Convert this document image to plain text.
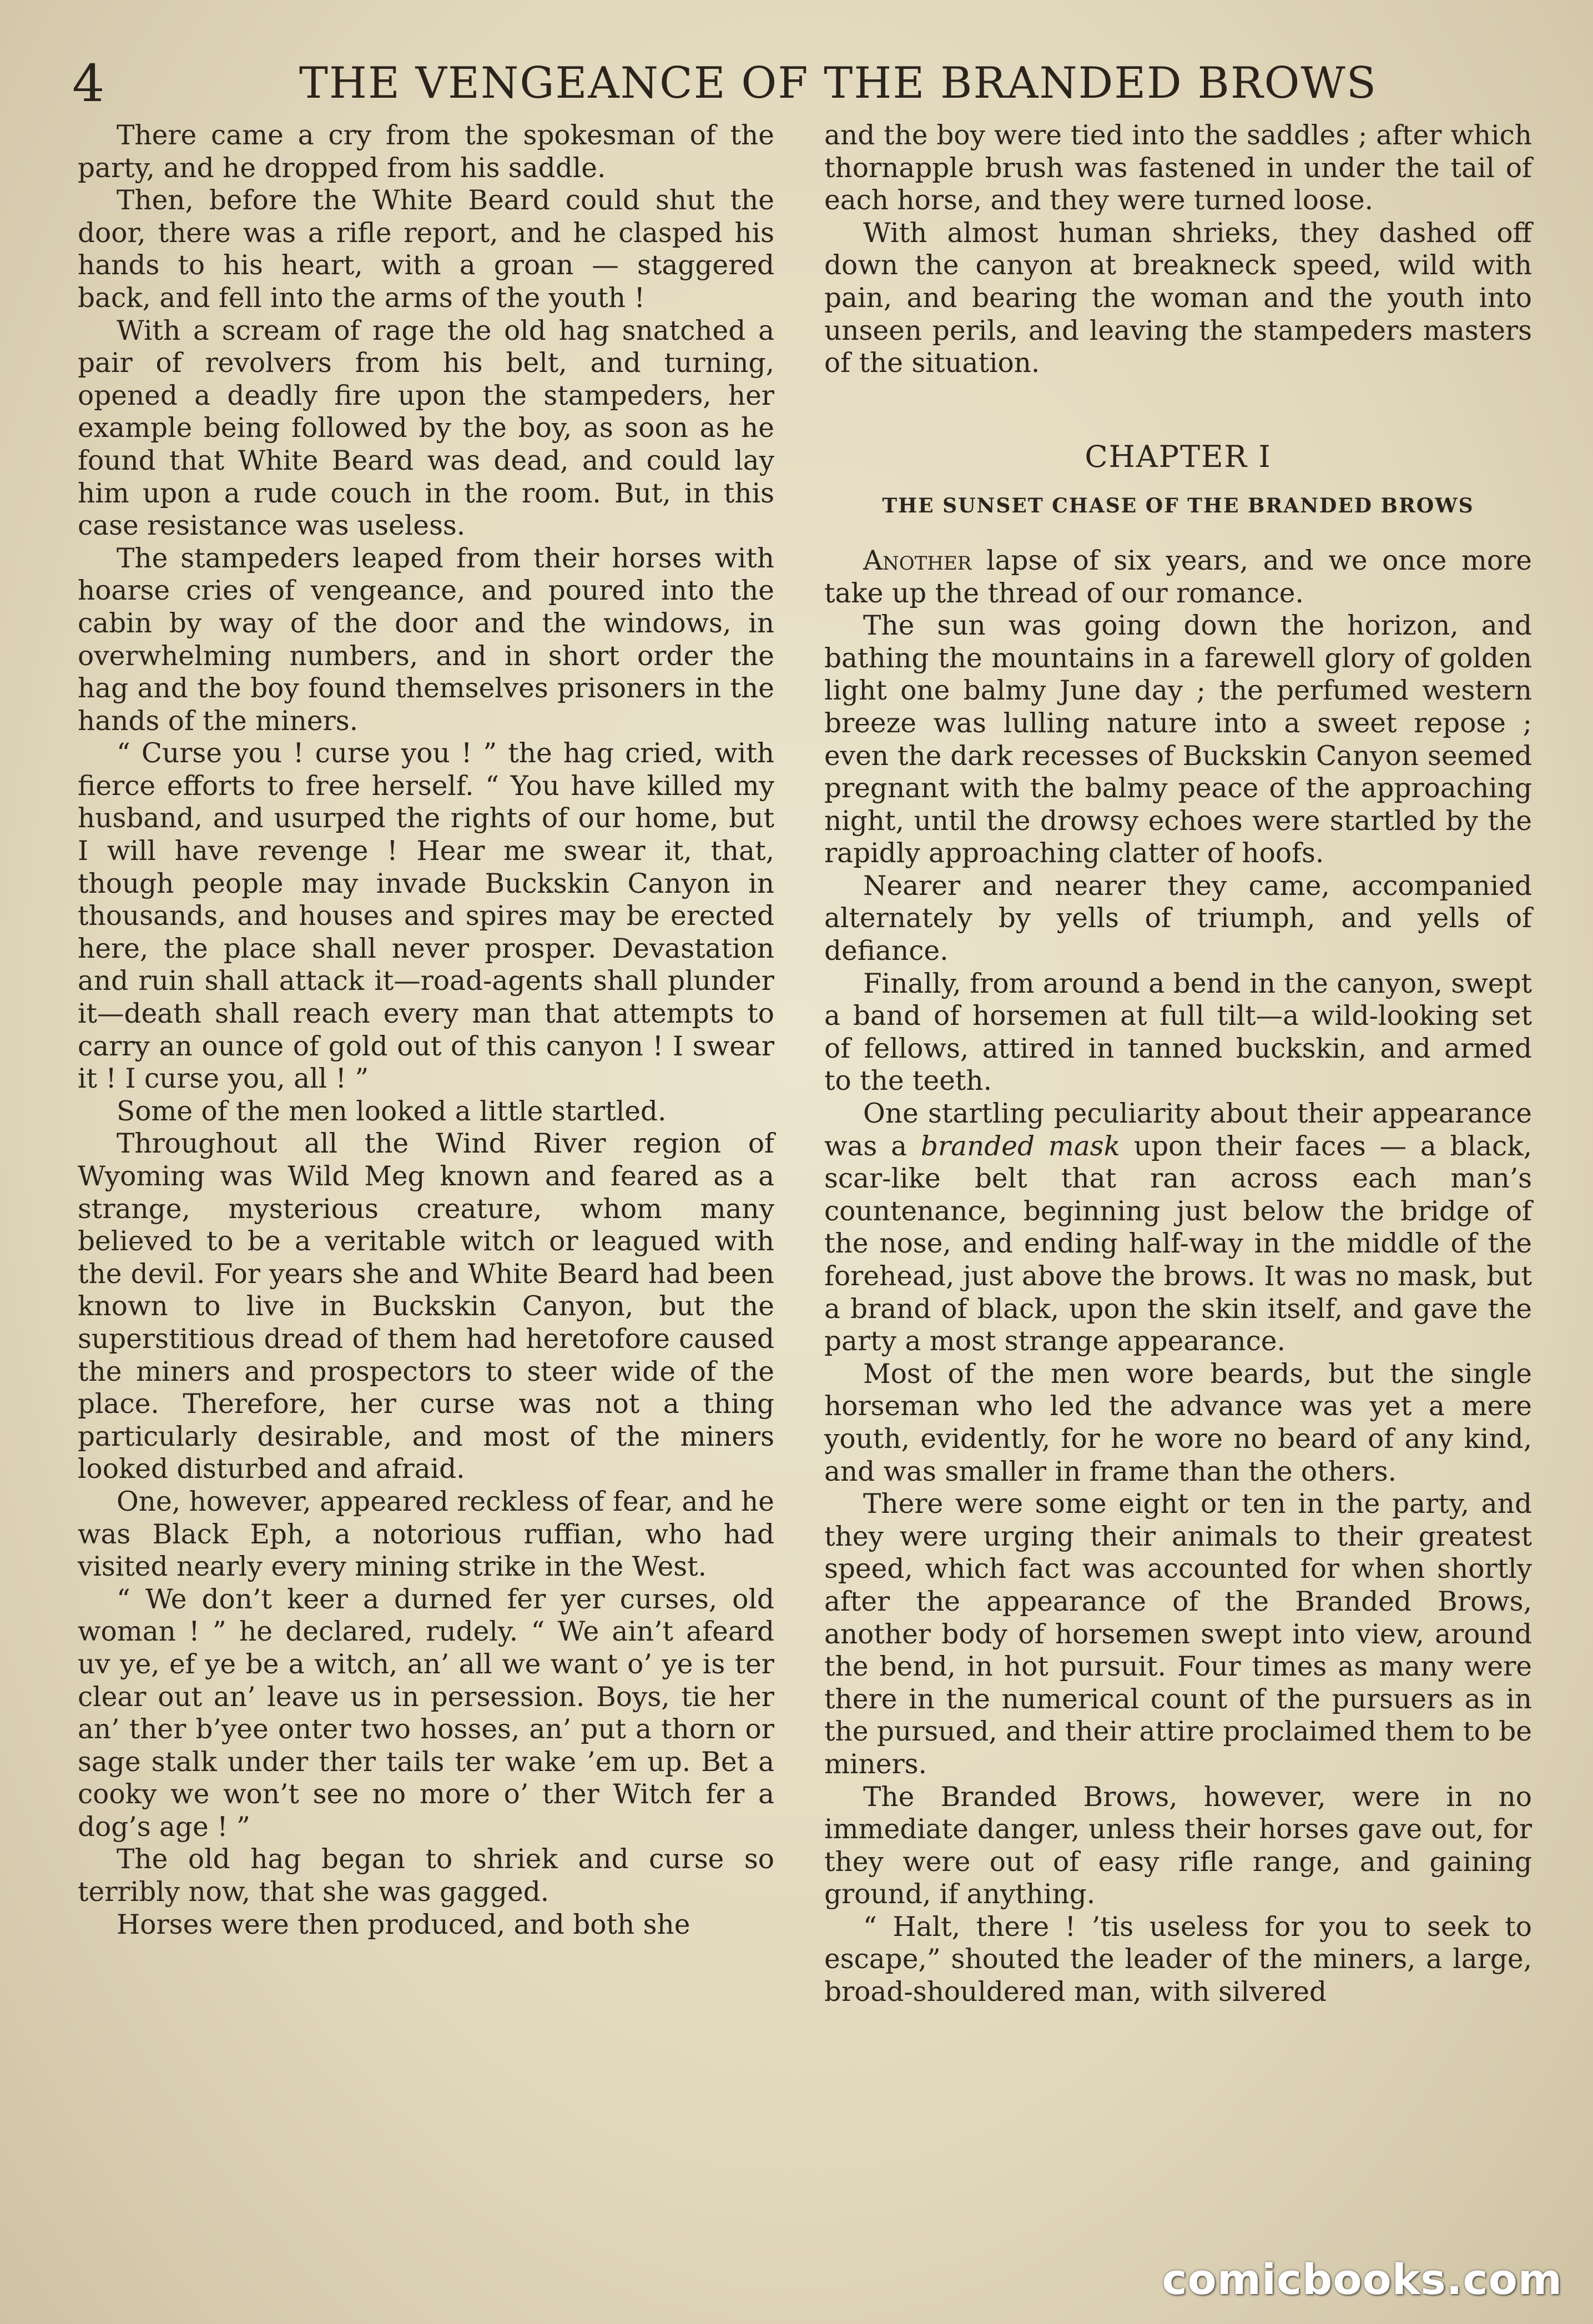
4	THE VENGEANCE OF THE BRANDED BROWS

There came a cry from the spokesman of the party, and he dropped from his saddle.

Then, before the White Beard could shut the door, there was a rifle report, and he clasped his hands to his heart, with a groan — staggered back, and fell into the arms of the youth !

With a scream of rage the old hag snatched a pair of revolvers from his belt, and turning, opened a deadly fire upon the stampeders, her example being followed by the boy, as soon as he found that White Beard was dead, and could lay him upon a rude couch in the room. But, in this case resistance was useless.

The stampeders leaped from their horses with hoarse cries of vengeance, and poured into the cabin by way of the door and the windows, in overwhelming numbers, and in short order the hag and the boy found themselves prisoners in the hands of the miners.

“ Curse you ! curse you ! ” the hag cried, with fierce efforts to free herself. “ You have killed my husband, and usurped the rights of our home, but I will have revenge ! Hear me swear it, that, though people may invade Buckskin Canyon in thousands, and houses and spires may be erected here, the place shall never prosper. Devastation and ruin shall attack it—road-agents shall plunder it—death shall reach every man that attempts to carry an ounce of gold out of this canyon ! I swear it ! I curse you, all ! ”

Some of the men looked a little startled.

Throughout all the Wind River region of Wyoming was Wild Meg known and feared as a strange, mysterious creature, whom many believed to be a veritable witch or leagued with the devil. For years she and White Beard had been known to live in Buckskin Canyon, but the superstitious dread of them had heretofore caused the miners and prospectors to steer wide of the place. Therefore, her curse was not a thing particularly desirable, and most of the miners looked disturbed and afraid.

One, however, appeared reckless of fear, and he was Black Eph, a notorious ruffian, who had visited nearly every mining strike in the West.

“ We don’t keer a durned fer yer curses, old woman ! ” he declared, rudely. “ We ain’t afeard uv ye, ef ye be a witch, an’ all we want o’ ye is ter clear out an’ leave us in persession. Boys, tie her an’ ther b’yee onter two hosses, an’ put a thorn or sage stalk under ther tails ter wake ’em up. Bet a cooky we won’t see no more o’ ther Witch fer a dog’s age ! ”

The old hag began to shriek and curse so terribly now, that she was gagged.

Horses were then produced, and both she

and the boy were tied into the saddles ; after which thornapple brush was fastened in under the tail of each horse, and they were turned loose.

With almost human shrieks, they dashed off down the canyon at breakneck speed, wild with pain, and bearing the woman and the youth into unseen perils, and leaving the stampeders masters of the situation.

CHAPTER I
THE SUNSET CHASE OF THE BRANDED BROWS

Another lapse of six years, and we once more take up the thread of our romance.

The sun was going down the horizon, and bathing the mountains in a farewell glory of golden light one balmy June day ; the perfumed western breeze was lulling nature into a sweet repose ; even the dark recesses of Buckskin Canyon seemed pregnant with the balmy peace of the approaching night, until the drowsy echoes were startled by the rapidly approaching clatter of hoofs.

Nearer and nearer they came, accompanied alternately by yells of triumph, and yells of defiance.

Finally, from around a bend in the canyon, swept a band of horsemen at full tilt—a wild-looking set of fellows, attired in tanned buckskin, and armed to the teeth.

One startling peculiarity about their appearance was a branded mask upon their faces — a black, scar-like belt that ran across each man’s countenance, beginning just below the bridge of the nose, and ending half-way in the middle of the forehead, just above the brows. It was no mask, but a brand of black, upon the skin itself, and gave the party a most strange appearance.

Most of the men wore beards, but the single horseman who led the advance was yet a mere youth, evidently, for he wore no beard of any kind, and was smaller in frame than the others.

There were some eight or ten in the party, and they were urging their animals to their greatest speed, which fact was accounted for when shortly after the appearance of the Branded Brows, another body of horsemen swept into view, around the bend, in hot pursuit. Four times as many were there in the numerical count of the pursuers as in the pursued, and their attire proclaimed them to be miners.

The Branded Brows, however, were in no immediate danger, unless their horses gave out, for they were out of easy rifle range, and gaining ground, if anything.

“ Halt, there ! ’tis useless for you to seek to escape,” shouted the leader of the miners, a large, broad-shouldered man, with silvered

comicbooks.com
